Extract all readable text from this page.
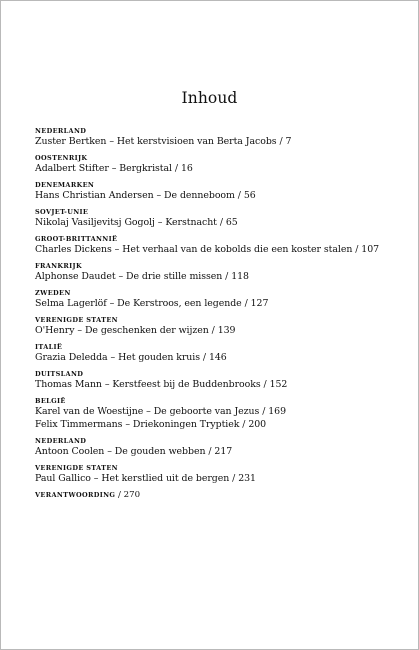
Inhoud
NEDERLAND
Zuster Bertken – Het kerstvisioen van Berta Jacobs / 7
OOSTENRIJK
Adalbert Stifter – Bergkristal / 16
DENEMARKEN
Hans Christian Andersen – De denneboom / 56
SOVJET-UNIE
Nikolaj Vasiljevitsj Gogolj – Kerstnacht / 65
GROOT-BRITTANNIË
Charles Dickens – Het verhaal van de kobolds die een koster stalen / 107
FRANKRIJK
Alphonse Daudet – De drie stille missen / 118
ZWEDEN
Selma Lagerlöf – De Kerstroos, een legende / 127
VERENIGDE STATEN
O'Henry – De geschenken der wijzen / 139
ITALIË
Grazia Deledda – Het gouden kruis / 146
DUITSLAND
Thomas Mann – Kerstfeest bij de Buddenbrooks / 152
BELGIË
Karel van de Woestijne – De geboorte van Jezus / 169
Felix Timmermans – Driekoningen Tryptiek / 200
NEDERLAND
Antoon Coolen – De gouden webben / 217
VERENIGDE STATEN
Paul Gallico – Het kerstlied uit de bergen / 231
VERANTWOORDING / 270
